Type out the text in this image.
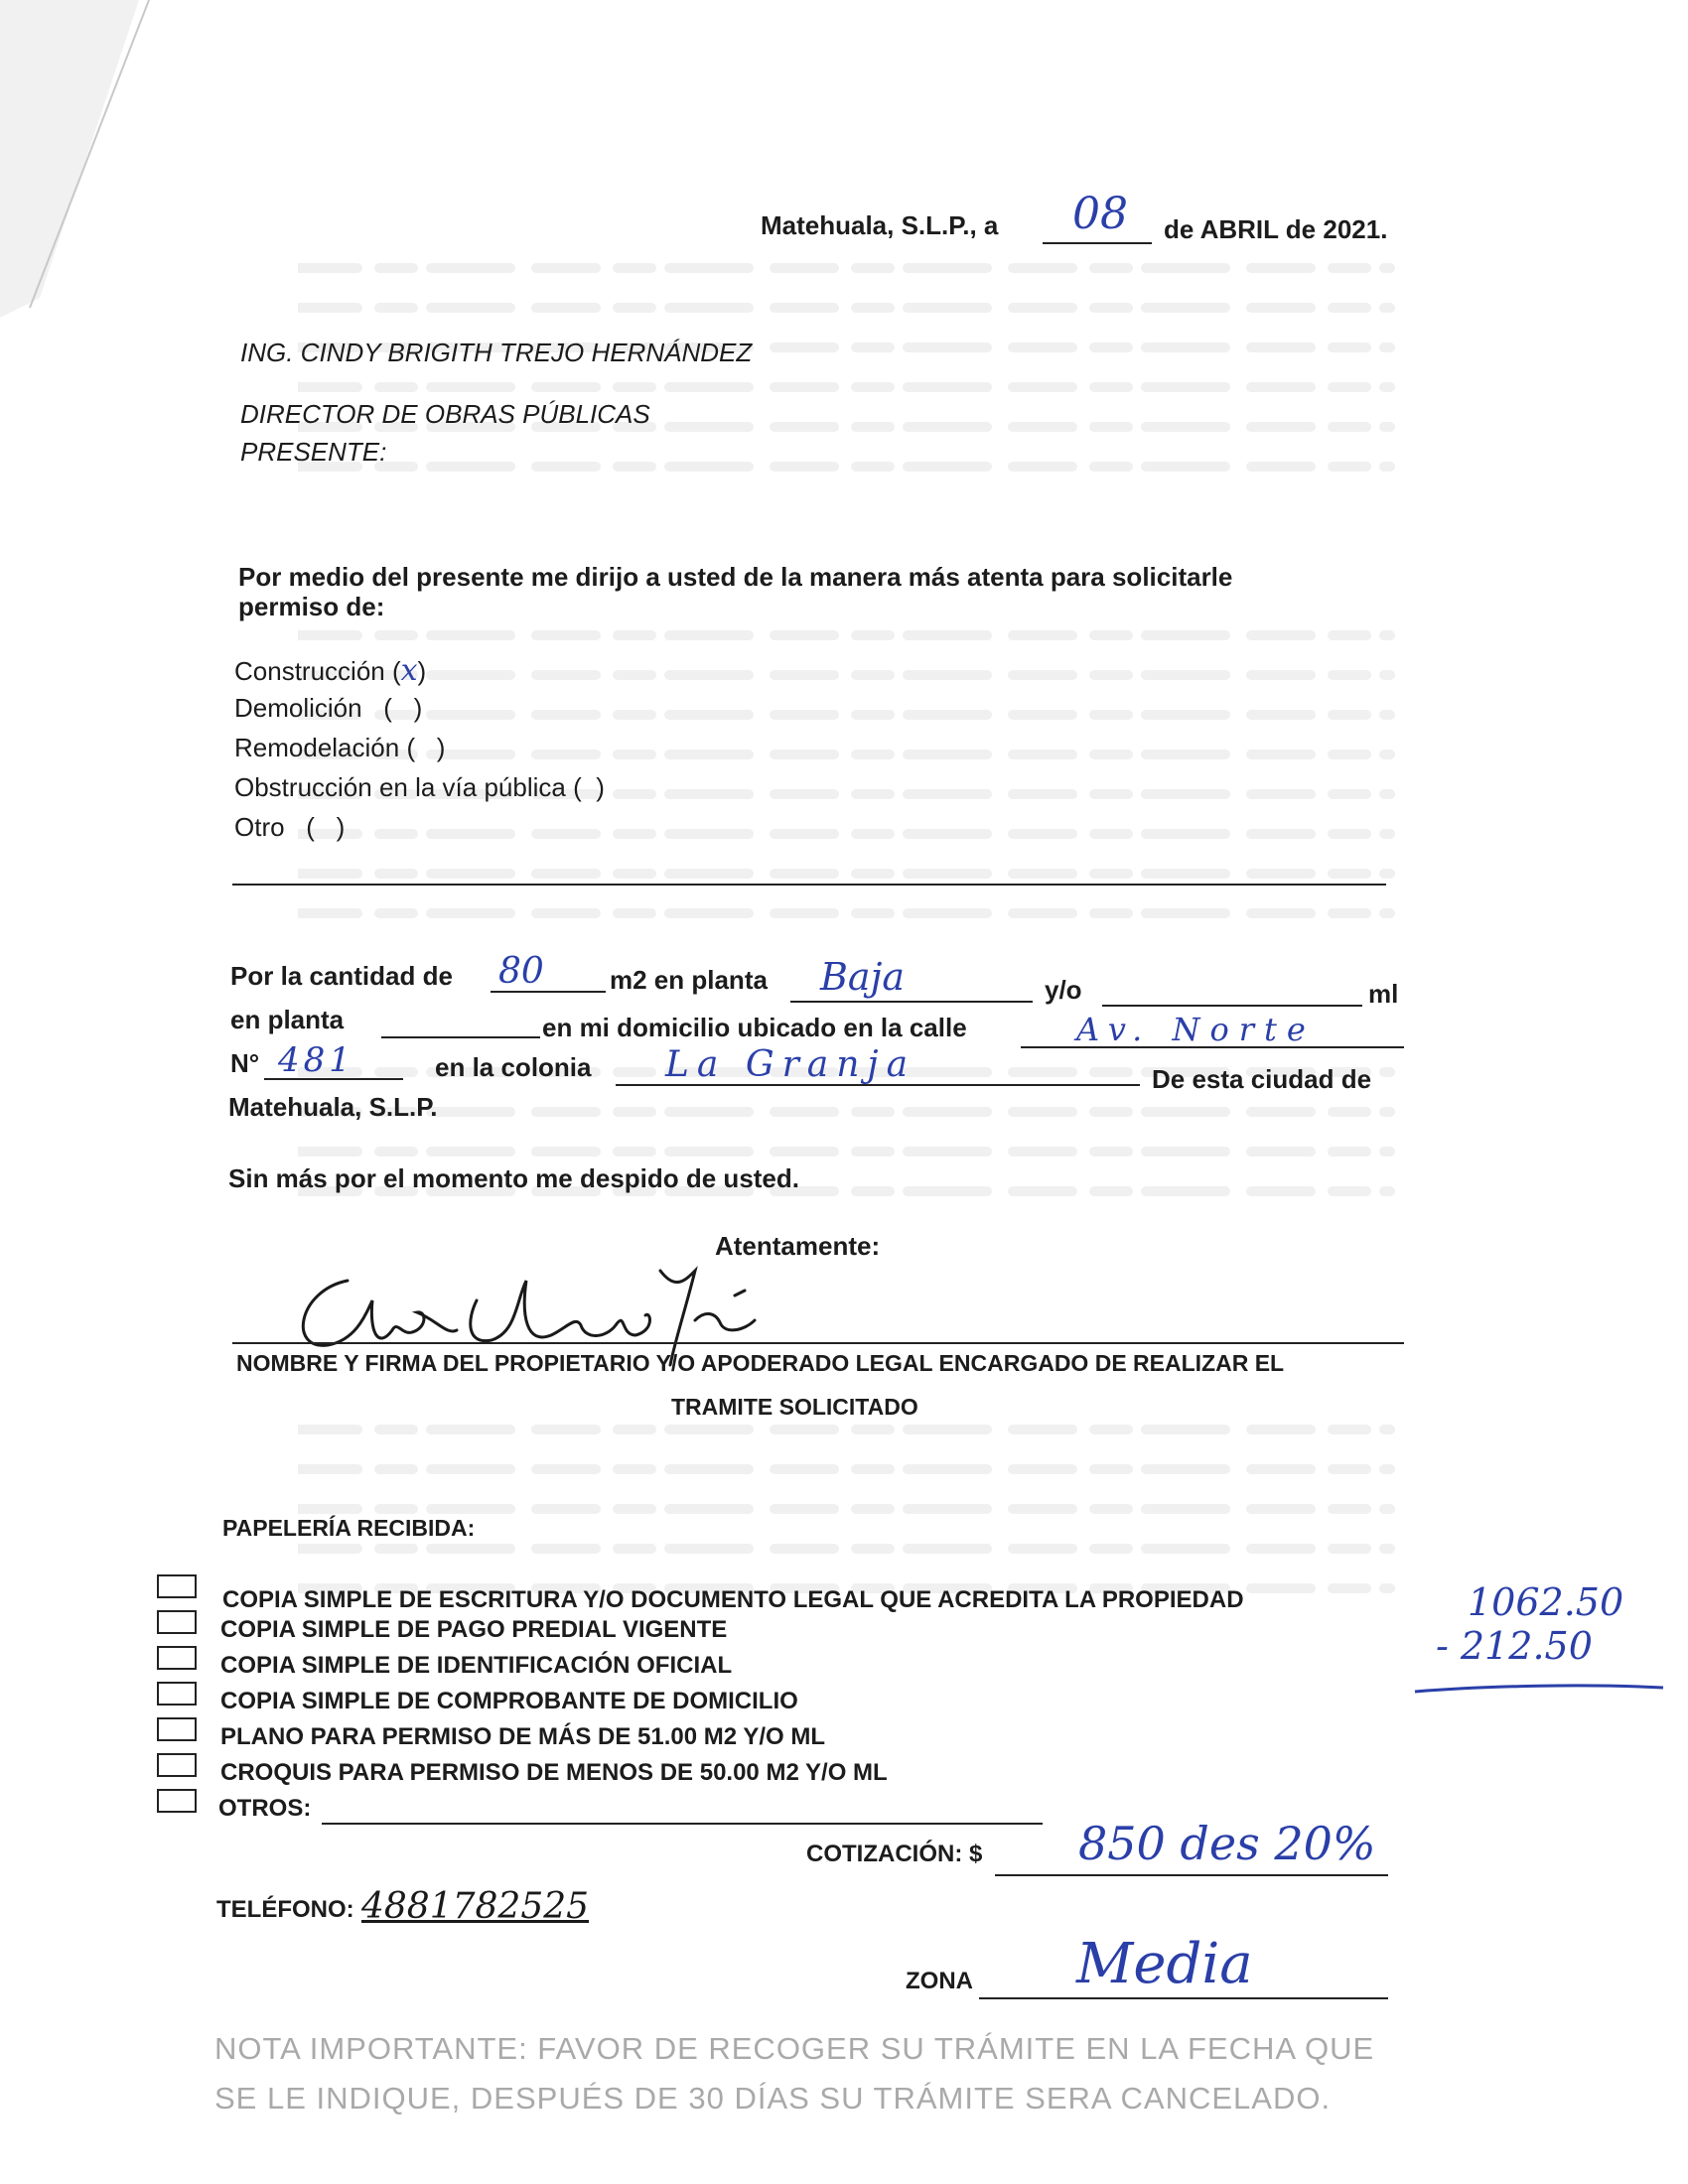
Matehuala, S.L.P., a 08 de ABRIL de 2021.
ING. CINDY BRIGITH TREJO HERNÁNDEZ
DIRECTOR DE OBRAS PÚBLICAS
PRESENTE:
Por medio del presente me dirijo a usted de la manera más atenta para solicitarle
permiso de:
Construcción (x)
Demolición   (   )
Remodelación (   )
Obstrucción en la vía pública (  )
Otro   (   )
Por la cantidad de 80	m2 en planta Baja	y/o	ml
en planta	en mi domicilio ubicado en la calle	Av. Norte
N° 481	en la colonia La Granja	De esta ciudad de
Matehuala, S.L.P.
Sin más por el momento me despido de usted.
Atentamente:
NOMBRE Y FIRMA DEL PROPIETARIO Y/O APODERADO LEGAL ENCARGADO DE REALIZAR EL
TRAMITE SOLICITADO
PAPELERÍA RECIBIDA:
COPIA SIMPLE DE ESCRITURA Y/O DOCUMENTO LEGAL QUE ACREDITA LA PROPIEDAD
COPIA SIMPLE DE PAGO PREDIAL VIGENTE
COPIA SIMPLE DE IDENTIFICACIÓN OFICIAL
COPIA SIMPLE DE COMPROBANTE DE DOMICILIO
PLANO PARA PERMISO DE MÁS DE 51.00 M2 Y/O ML
CROQUIS PARA PERMISO DE MENOS DE 50.00 M2 Y/O ML
OTROS:
1062.50
- 212.50
COTIZACIÓN: $ 850 des 20%
TELÉFONO: 4881782525
ZONA Media
NOTA IMPORTANTE: FAVOR DE RECOGER SU TRÁMITE EN LA FECHA QUE
SE LE INDIQUE, DESPUÉS DE 30 DÍAS SU TRÁMITE SERA CANCELADO.
